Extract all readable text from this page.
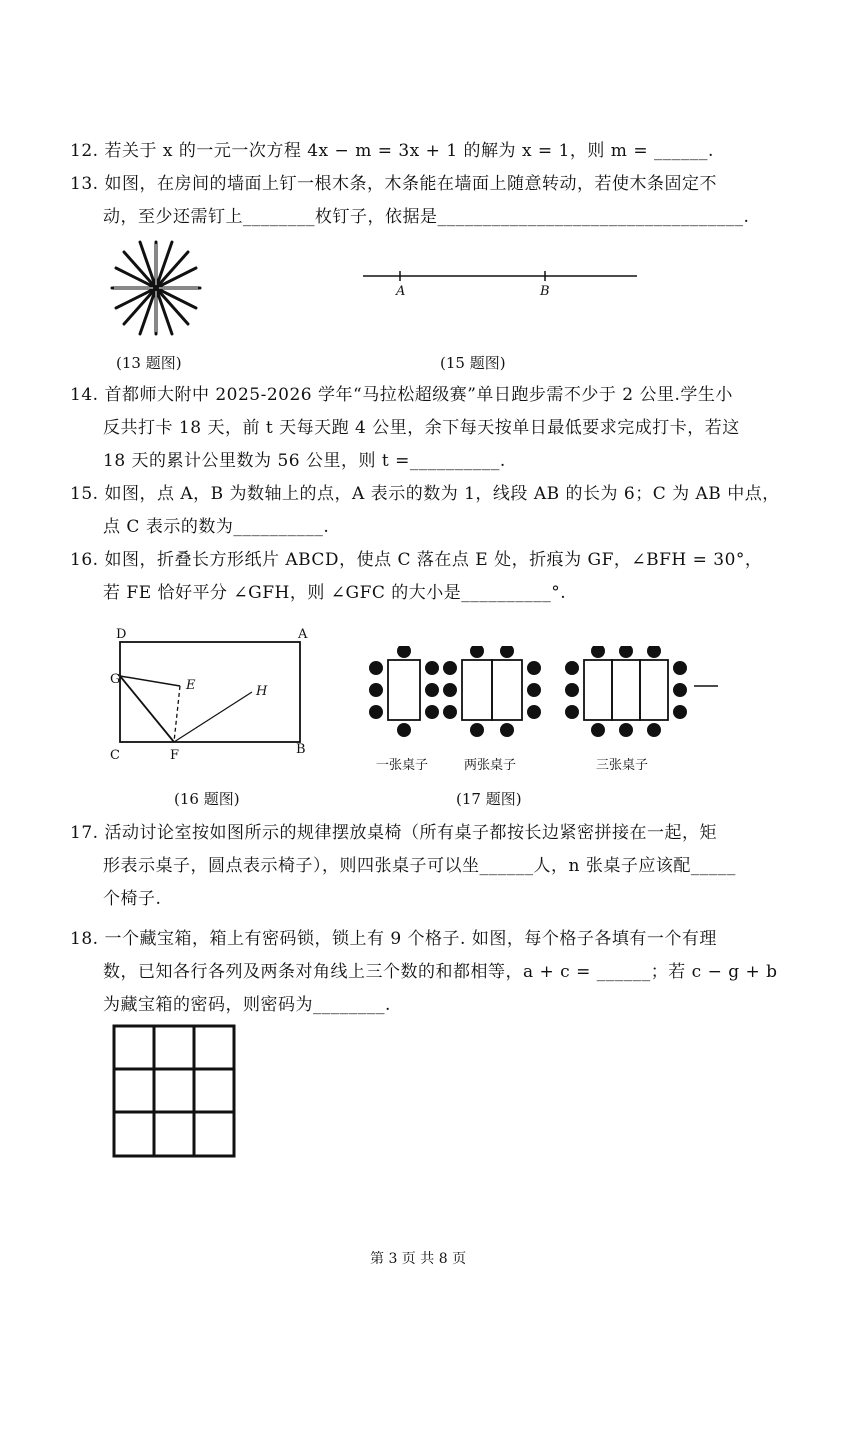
12. 若关于 x 的一元一次方程 4x − m = 3x + 1 的解为 x = 1，则 m = ______.
13. 如图，在房间的墙面上钉一根木条，木条能在墙面上随意转动，若使木条固定不
动，至少还需钉上________枚钉子，依据是__________________________________.
(13 题图)
A	B
(15 题图)
14. 首都师大附中 2025-2026 学年“马拉松超级赛”单日跑步需不少于 2 公里.学生小
反共打卡 18 天，前 t 天每天跑 4 公里，余下每天按单日最低要求完成打卡，若这
18 天的累计公里数为 56 公里，则 t =__________.
15. 如图，点 A，B 为数轴上的点，A 表示的数为 1，线段 AB 的长为 6；C 为 AB 中点，
点 C 表示的数为__________.
16. 如图，折叠长方形纸片 ABCD，使点 C 落在点 E 处，折痕为 GF，∠BFH = 30°，
若 FE 恰好平分 ∠GFH，则 ∠GFC 的大小是__________°.
D	A
G	E	H
C	F	B
(16 题图)
一张桌子	两张桌子	三张桌子
(17 题图)
17. 活动讨论室按如图所示的规律摆放桌椅（所有桌子都按长边紧密拼接在一起，矩
形表示桌子，圆点表示椅子），则四张桌子可以坐______人，n 张桌子应该配_____
个椅子.
18. 一个藏宝箱，箱上有密码锁，锁上有 9 个格子. 如图，每个格子各填有一个有理
数，已知各行各列及两条对角线上三个数的和都相等，a + c = ______；若 c − g + b
为藏宝箱的密码，则密码为________.
第 3 页 共 8 页
